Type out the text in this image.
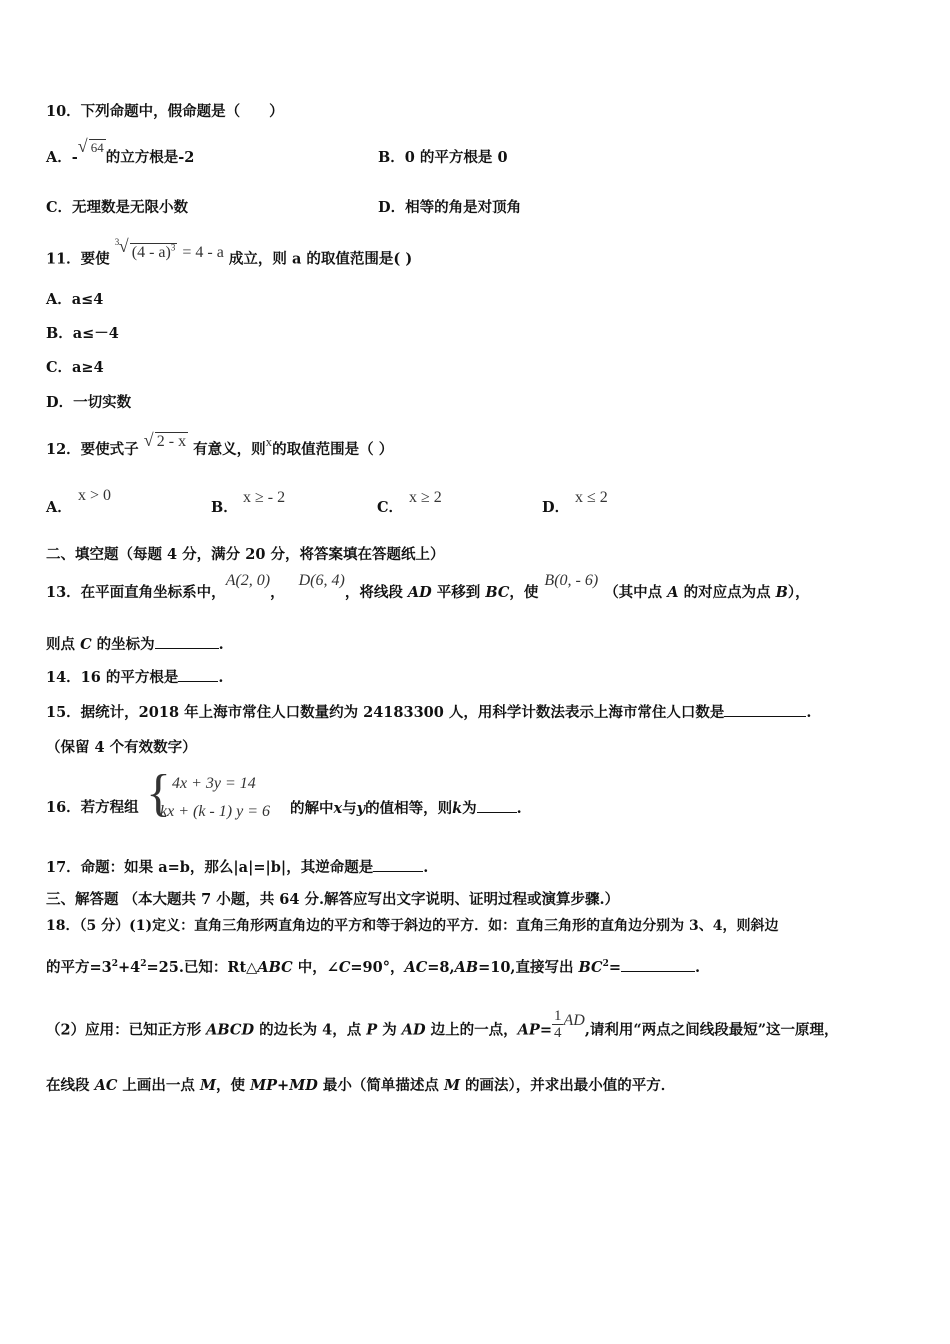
10．下列命题中，假命题是（　　）
A．-
√ 64的立方根是-2	B．0 的平方根是 0
C．无理数是无限小数	D．相等的角是对顶角
11．要使
3 √ (4 - a)$^3$ = 4 - a 成立，则 a 的取值范围是( )
A．a≤4
B．a≤－4
C．a≥4
D．一切实数
12．要使式子 √ 2 - x 有意义，则x的取值范围是（ ）
A．
x > 0
B．
x ≥ - 2
C．
x ≥ 2
D．
x ≤ 2
二、填空题（每题 4 分，满分 20 分，将答案填在答题纸上）
13．在平面直角坐标系中，A(2, 0)，D(6, 4)，将线段 AD 平移到 BC，使B(0, - 6)（其中点 A 的对应点为点 B），
则点 C 的坐标为	.
14．16 的平方根是	.
15．据统计，2018 年上海市常住人口数量约为 24183300 人，用科学计数法表示上海市常住人口数是	.
（保留 4 个有效数字）
16．若方程组 { 4x + 3y = 14
kx + (k - 1) y = 6 的解中x与y的值相等，则k为	.
17．命题：如果 a=b，那么|a|=|b|，其逆命题是	.
三、解答题 （本大题共 7 小题，共 64 分.解答应写出文字说明、证明过程或演算步骤.）
18．（5 分）(1)定义：直角三角形两直角边的平方和等于斜边的平方．如：直角三角形的直角边分别为 3、4，则斜边
的平方$=3^2+4^2=25$.已知：Rt△ABC 中，∠C=90°，AC=8,AB=10,直接写出 $BC^2=$	.
（2）应用：已知正方形 ABCD 的边长为 4，点 P 为 AD 边上的一点，$AP= \frac{1}{4}$ AD,请利用“两点之间线段最短”这一原理，
在线段 AC 上画出一点 M，使 MP+MD 最小（简单描述点 M 的画法），并求出最小值的平方．
